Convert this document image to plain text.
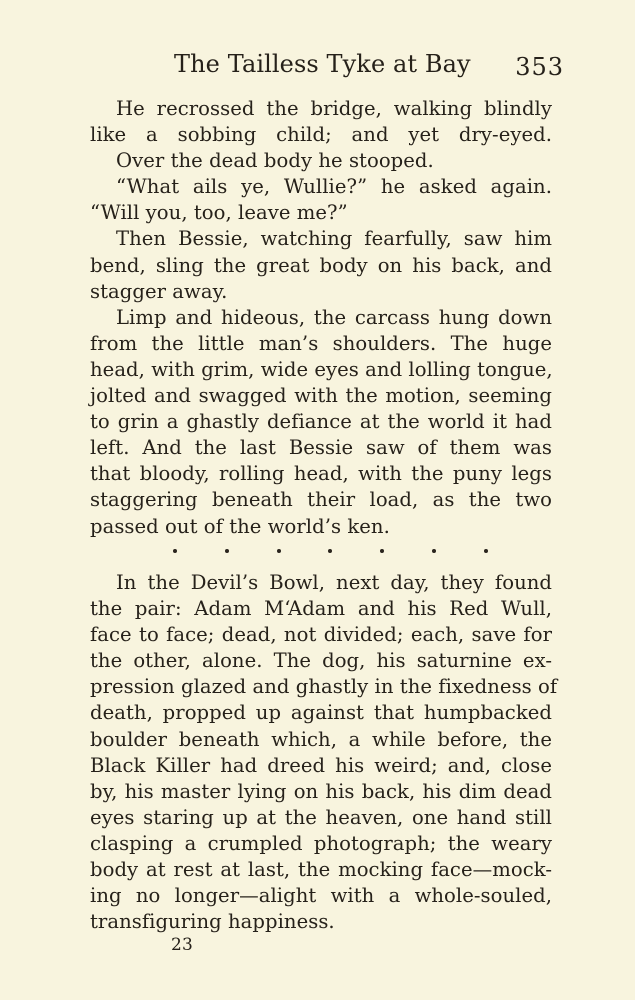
The Tailless Tyke at Bay 353
He recrossed the bridge, walking blindly
like a sobbing child; and yet dry-eyed.
Over the dead body he stooped.
“What ails ye, Wullie?” he asked again.
“Will you, too, leave me?”
Then Bessie, watching fearfully, saw him
bend, sling the great body on his back, and
stagger away.
Limp and hideous, the carcass hung down
from the little man’s shoulders. The huge
head, with grim, wide eyes and lolling tongue,
jolted and swagged with the motion, seeming
to grin a ghastly defiance at the world it had
left. And the last Bessie saw of them was
that bloody, rolling head, with the puny legs
staggering beneath their load, as the two
passed out of the world’s ken.
In the Devil’s Bowl, next day, they found
the pair: Adam M‘Adam and his Red Wull,
face to face; dead, not divided; each, save for
the other, alone. The dog, his saturnine ex-
pression glazed and ghastly in the fixedness of
death, propped up against that humpbacked
boulder beneath which, a while before, the
Black Killer had dreed his weird; and, close
by, his master lying on his back, his dim dead
eyes staring up at the heaven, one hand still
clasping a crumpled photograph; the weary
body at rest at last, the mocking face—mock-
ing no longer—alight with a whole-souled,
transfiguring happiness.
23
